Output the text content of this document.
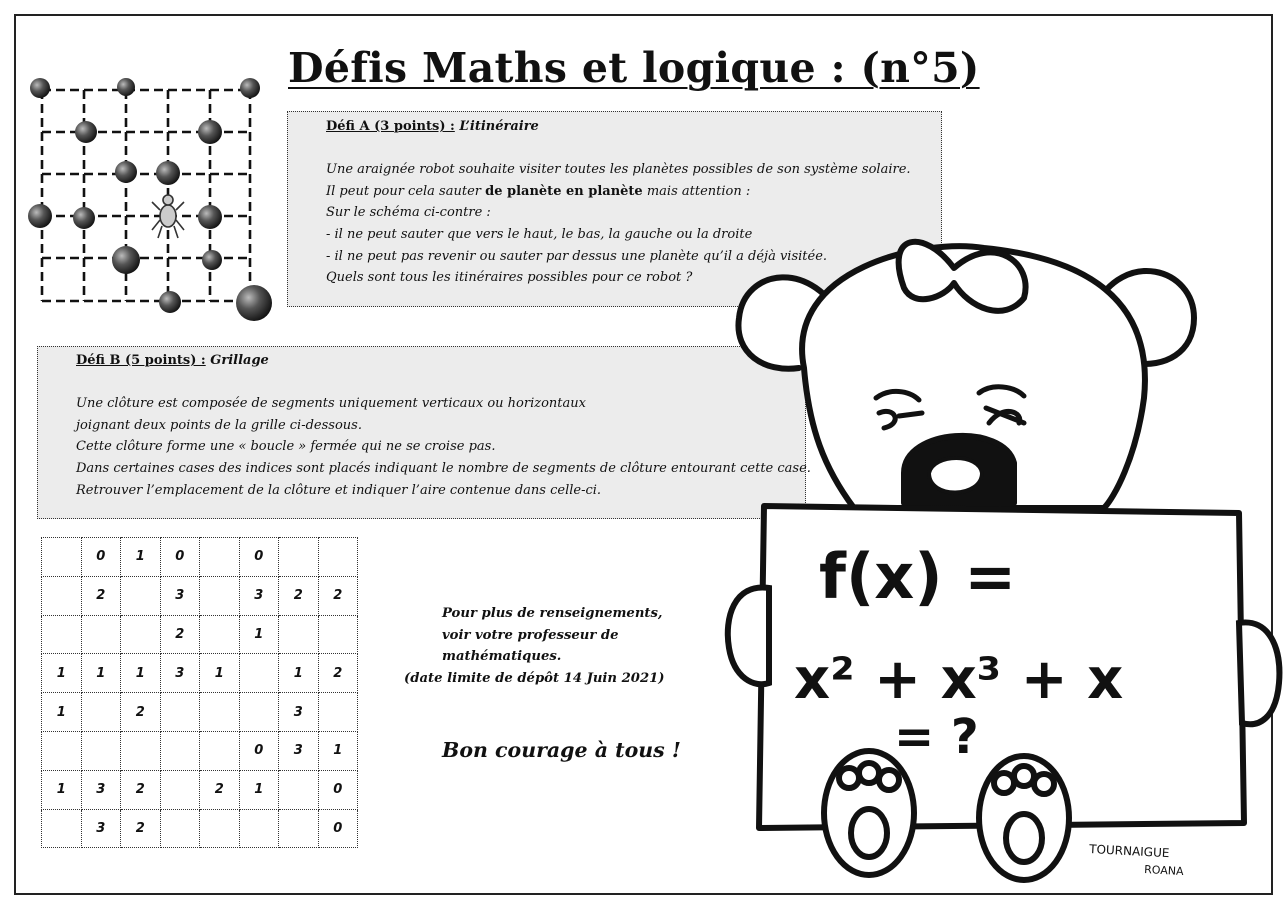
Défis Maths et logique : (n°5)
Défi A (3 points) : L’itinéraire

Une araignée robot souhaite visiter toutes les planètes possibles de son système solaire.

Il peut pour cela sauter de planète en planète mais attention :

Sur le schéma ci-contre :

- il ne peut sauter que vers le haut, le bas, la gauche ou la droite

- il ne peut pas revenir ou sauter par dessus une planète qu’il a déjà visitée.

Quels sont tous les itinéraires possibles pour ce robot ?

Défi B (5 points) : Grillage

Une clôture est composée de segments uniquement verticaux ou horizontaux

joignant deux points de la grille ci-dessous.

Cette clôture forme une « boucle » fermée qui ne se croise pas.

Dans certaines cases des indices sont placés indiquant le nombre de segments de clôture entourant cette case.

Retrouver l’emplacement de la clôture et indiquer l’aire contenue dans celle-ci.

	0	1	0		0		
	2		3		3	2	2
			2		1		
1	1	1	3	1		1	2
1		2				3	
					0	3	1
1	3	2		2	1		0
	3	2					0
Pour plus de renseignements,
voir votre professeur de
mathématiques.
(date limite de dépôt 14 Juin 2021)
Bon courage à tous !
f(x) =
x² + x³ + x
= ?
TOURNAIGUE
ROANA
